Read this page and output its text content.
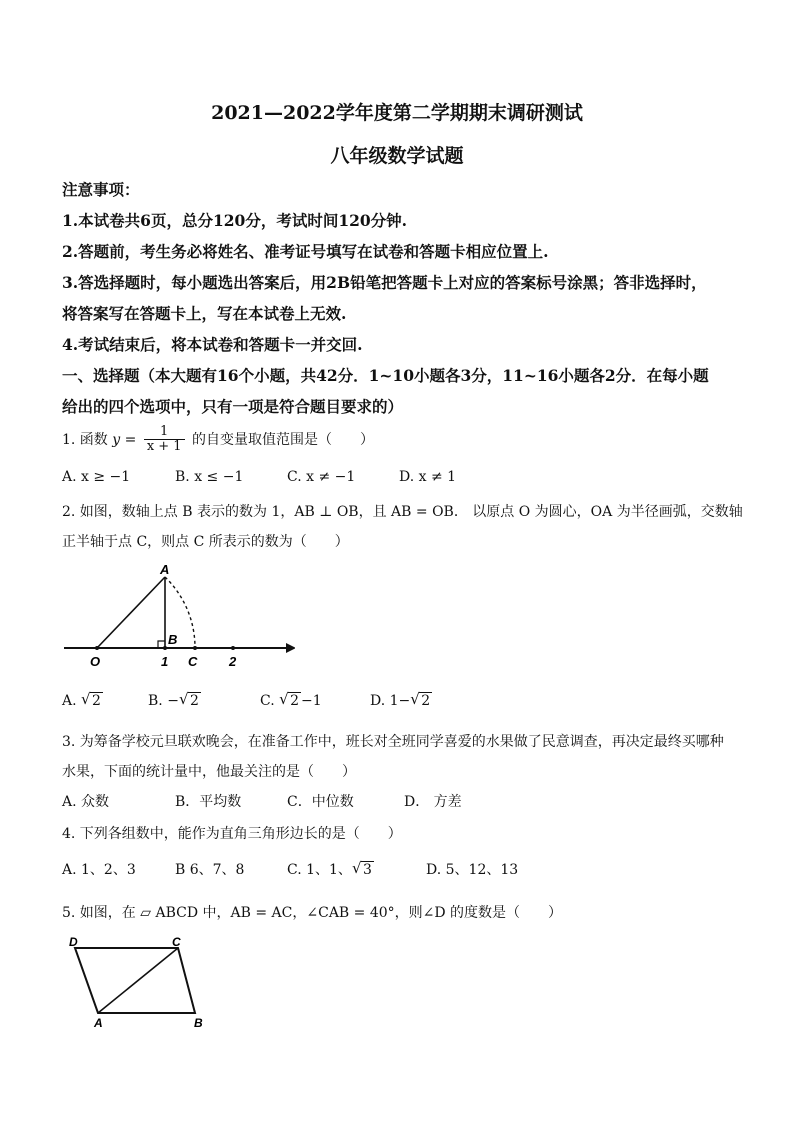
2021—2022学年度第二学期期末调研测试
八年级数学试题
注意事项：
1.本试卷共6页，总分120分，考试时间120分钟.
2.答题前，考生务必将姓名、准考证号填写在试卷和答题卡相应位置上.
3.答选择题时，每小题选出答案后，用2B铅笔把答题卡上对应的答案标号涂黑；答非选择时，
将答案写在答题卡上，写在本试卷上无效.
4.考试结束后，将本试卷和答题卡一并交回.
一、选择题（本大题有16个小题，共42分．1~10小题各3分，11~16小题各2分．在每小题
给出的四个选项中，只有一项是符合题目要求的）
1. 函数 $y = \frac{1}{x + 1}$ 的自变量取值范围是（　　）
A. x ≥ −1	B. x ≤ −1	C. x ≠ −1	D. x ≠ 1
2. 如图，数轴上点 B 表示的数为 1，AB ⊥ OB，且 AB = OB． 以原点 O 为圆心，OA 为半径画弧，交数轴
正半轴于点 C，则点 C 所表示的数为（　　）
A
B
O	1 C 2
A. √ 2	B. − √ 2	C. √ 2 −1	D. 1− √ 2
3. 为筹备学校元旦联欢晚会，在准备工作中，班长对全班同学喜爱的水果做了民意调查，再决定最终买哪种
水果，下面的统计量中，他最关注的是（　　）
A. 众数	B．平均数	C．中位数	D． 方差
4. 下列各组数中，能作为直角三角形边长的是（　　）
A. 1、2、3	B 6、7、8	C. 1、1、 √ 3	D. 5、12、13
5. 如图，在 ▱ ABCD 中，AB = AC，∠CAB = 40°，则∠D 的度数是（　　）
D	C
A	B
